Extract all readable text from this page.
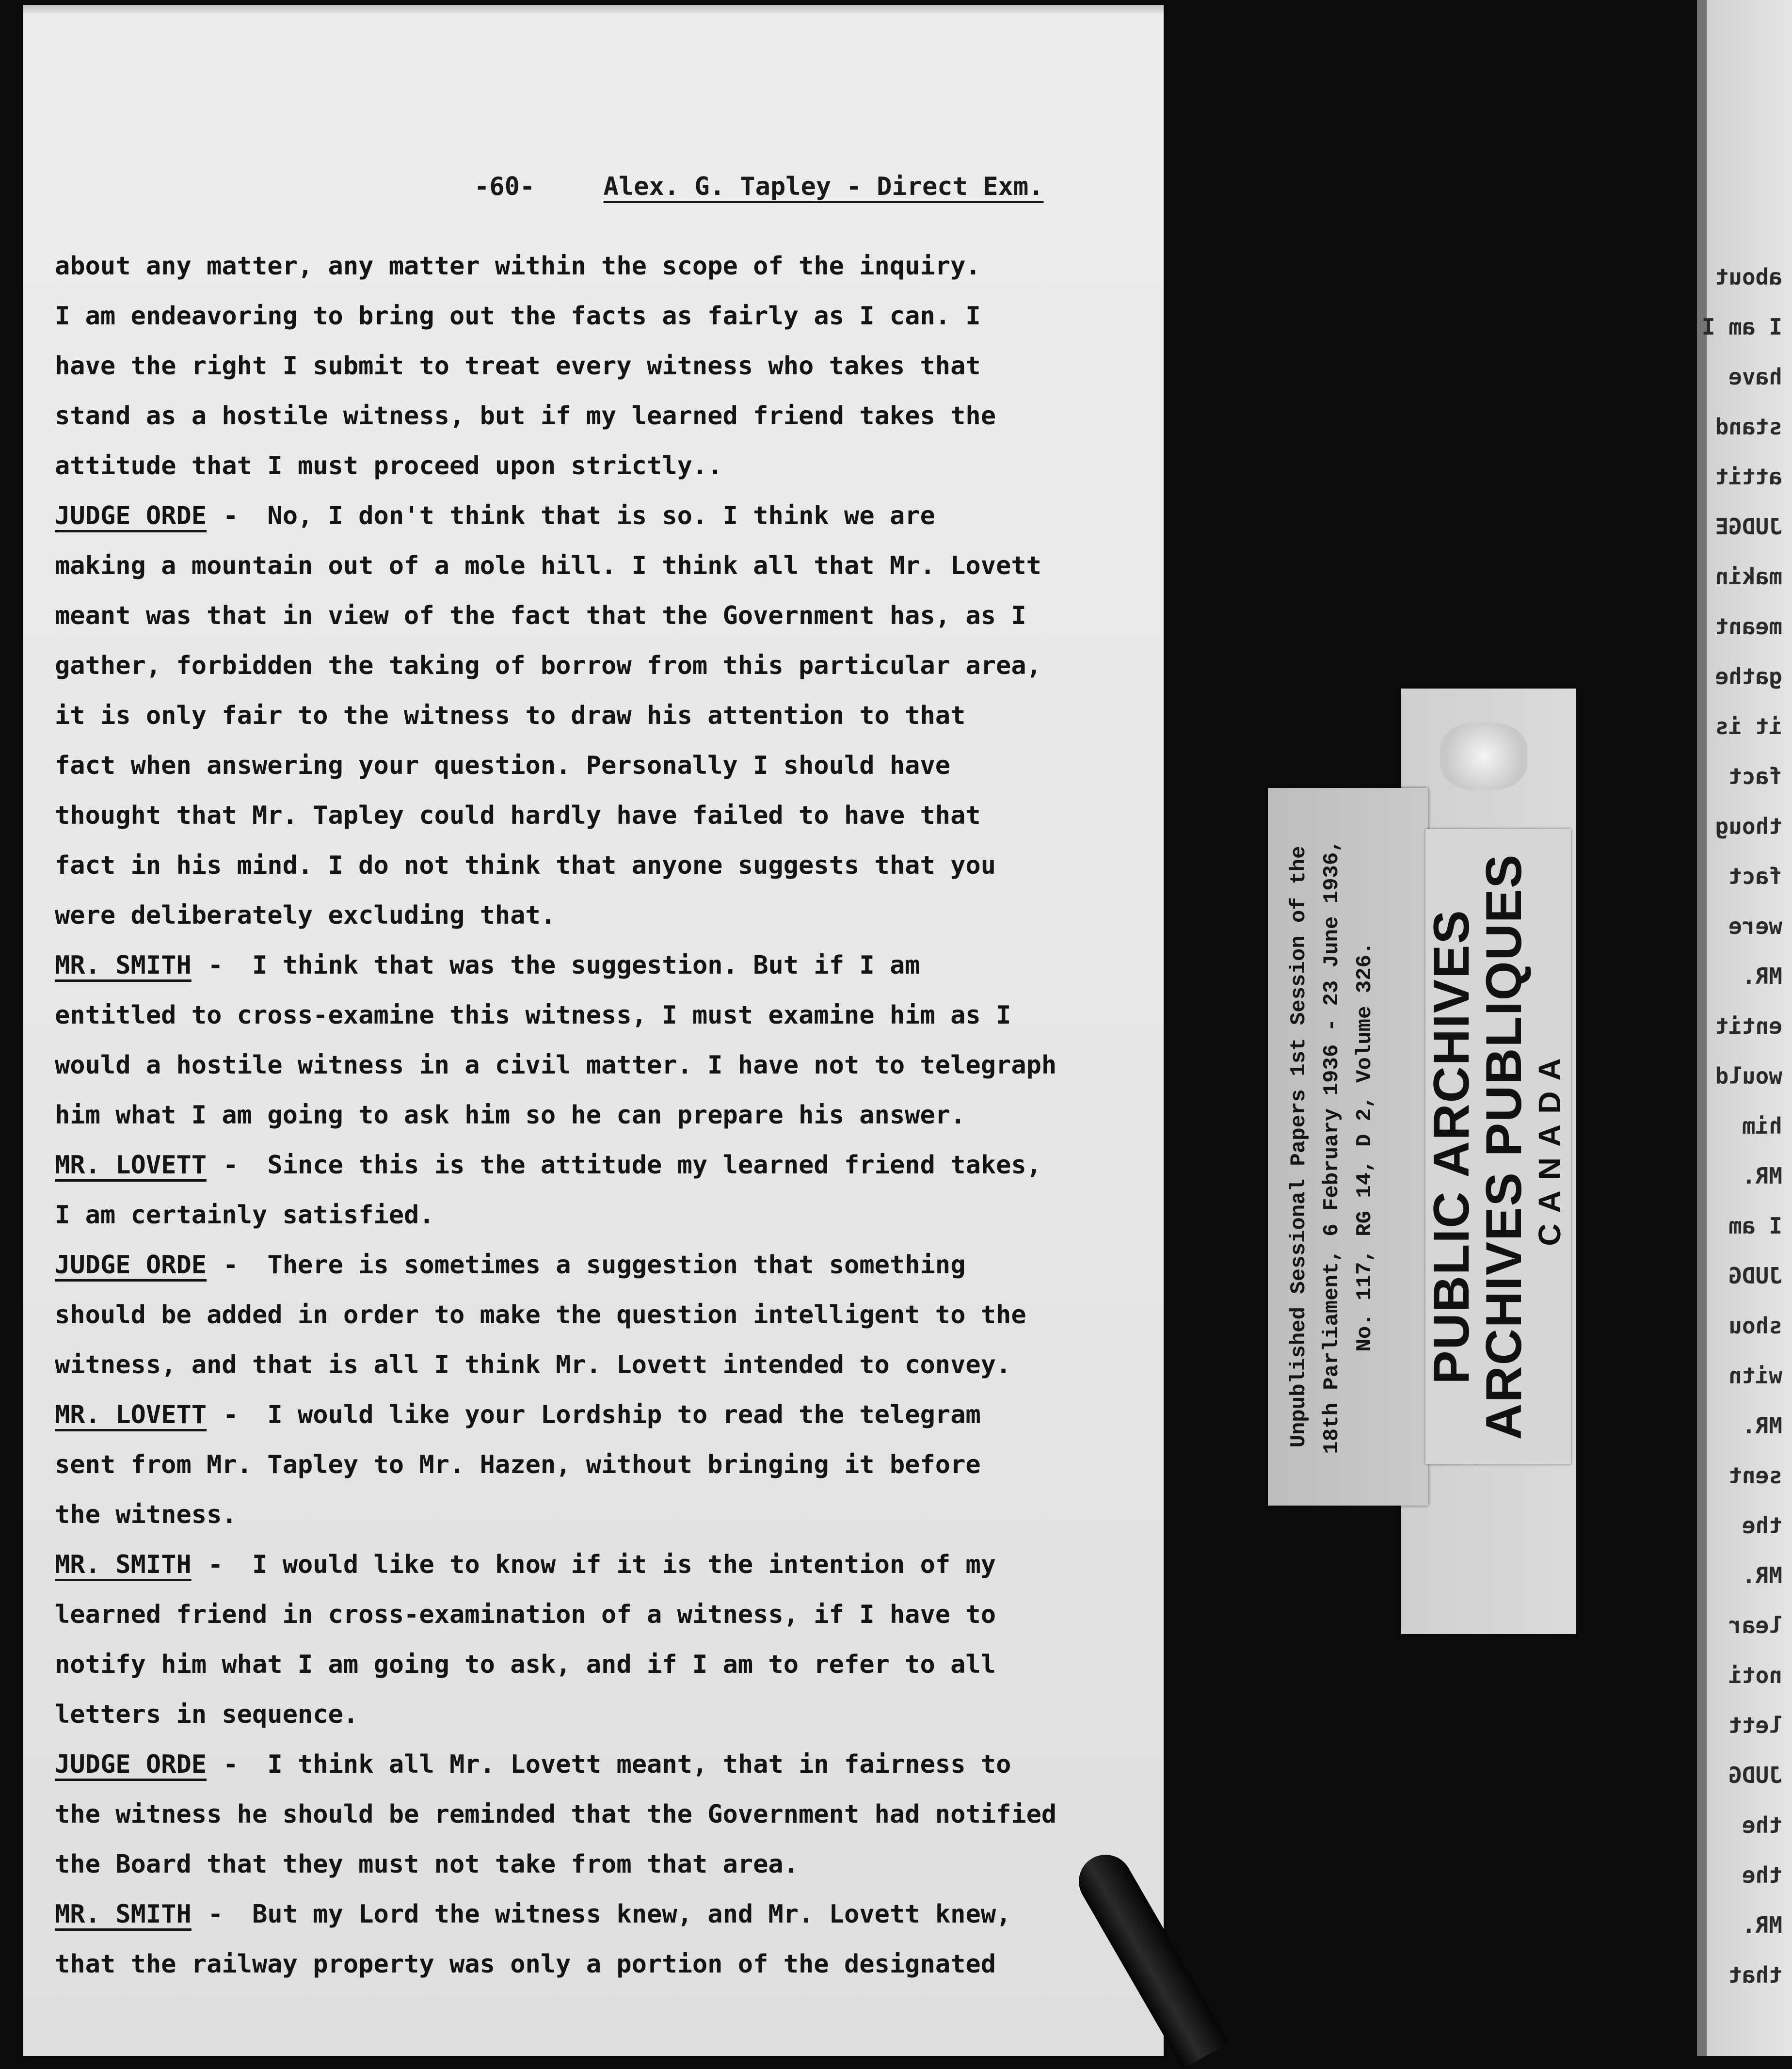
-60-	Alex. G. Tapley - Direct Exm.
about any matter, any matter within the scope of the inquiry.
I am endeavoring to bring out the facts as fairly as I can. I
have the right I submit to treat every witness who takes that
stand as a hostile witness, but if my learned friend takes the
attitude that I must proceed upon strictly..
JUDGE ORDE - No, I don't think that is so. I think we are
making a mountain out of a mole hill. I think all that Mr. Lovett
meant was that in view of the fact that the Government has, as I
gather, forbidden the taking of borrow from this particular area,
it is only fair to the witness to draw his attention to that
fact when answering your question. Personally I should have
thought that Mr. Tapley could hardly have failed to have that
fact in his mind. I do not think that anyone suggests that you
were deliberately excluding that.
MR. SMITH - I think that was the suggestion. But if I am
entitled to cross-examine this witness, I must examine him as I
would a hostile witness in a civil matter. I have not to telegraph
him what I am going to ask him so he can prepare his answer.
MR. LOVETT - Since this is the attitude my learned friend takes,
I am certainly satisfied.
JUDGE ORDE - There is sometimes a suggestion that something
should be added in order to make the question intelligent to the
witness, and that is all I think Mr. Lovett intended to convey.
MR. LOVETT - I would like your Lordship to read the telegram
sent from Mr. Tapley to Mr. Hazen, without bringing it before
the witness.
MR. SMITH - I would like to know if it is the intention of my
learned friend in cross-examination of a witness, if I have to
notify him what I am going to ask, and if I am to refer to all
letters in sequence.
JUDGE ORDE - I think all Mr. Lovett meant, that in fairness to
the witness he should be reminded that the Government had notified
the Board that they must not take from that area.
MR. SMITH - But my Lord the witness knew, and Mr. Lovett knew,
that the railway property was only a portion of the designated
about
I am I
have
stand
attit
JUDGE
makin
meant
gathe
it is
fact
thoug
fact
were
MR.
entit
would
him
MR.
I am
JUDG
shou
witn
MR.
sent
the
MR.
lear
noti
lett
JUDG
the
the
MR.
that
Unpublished Sessional Papers 1st Session of the 18th Parliament, 6 February 1936 - 23 June 1936, No. 117, RG 14, D 2, Volume 326. PUBLIC ARCHIVES
ARCHIVES PUBLIQUES CANADA
